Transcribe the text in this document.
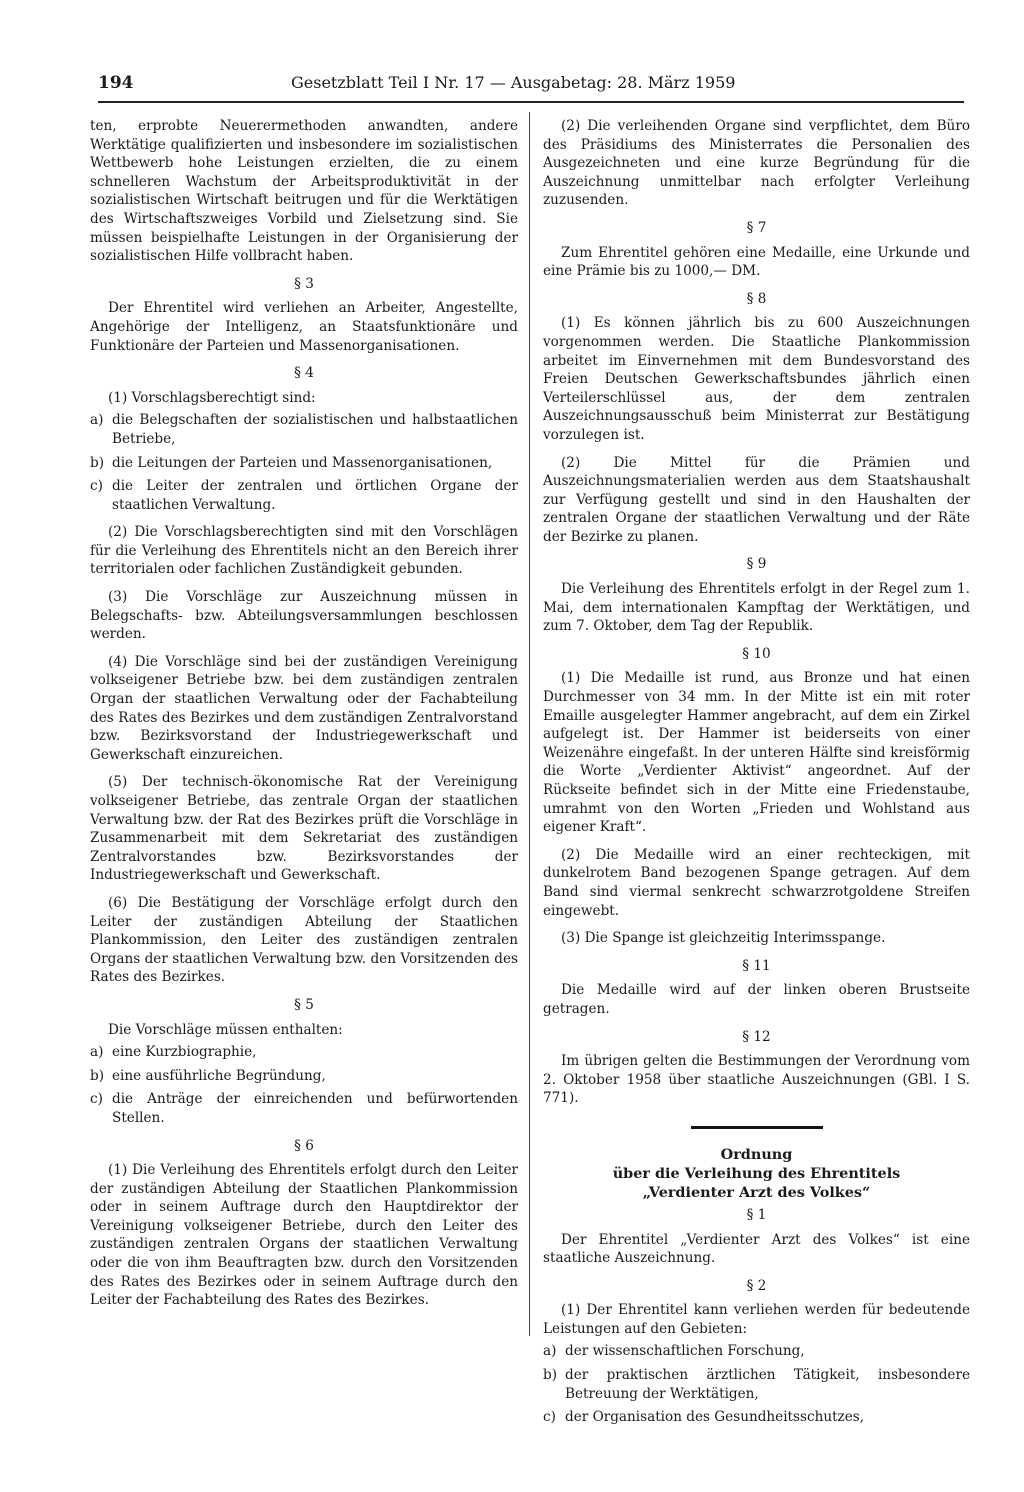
194	Gesetzblatt Teil I Nr. 17 — Ausgabetag: 28. März 1959

ten, erprobte Neuerermethoden anwandten, andere Werktätige qualifizierten und insbesondere im sozialistischen Wettbewerb hohe Leistungen erzielten, die zu einem schnelleren Wachstum der Arbeitsproduktivität in der sozialistischen Wirtschaft beitrugen und für die Werktätigen des Wirtschaftszweiges Vorbild und Zielsetzung sind. Sie müssen beispielhafte Leistungen in der Organisierung der sozialistischen Hilfe vollbracht haben.

§ 3

Der Ehrentitel wird verliehen an Arbeiter, Angestellte, Angehörige der Intelligenz, an Staatsfunktionäre und Funktionäre der Parteien und Massenorganisationen.

§ 4

(1) Vorschlagsberechtigt sind:

a) die Belegschaften der sozialistischen und halbstaatlichen Betriebe,
b) die Leitungen der Parteien und Massenorganisationen,
c) die Leiter der zentralen und örtlichen Organe der staatlichen Verwaltung.

(2) Die Vorschlagsberechtigten sind mit den Vorschlägen für die Verleihung des Ehrentitels nicht an den Bereich ihrer territorialen oder fachlichen Zuständigkeit gebunden.

(3) Die Vorschläge zur Auszeichnung müssen in Belegschafts- bzw. Abteilungsversammlungen beschlossen werden.

(4) Die Vorschläge sind bei der zuständigen Vereinigung volkseigener Betriebe bzw. bei dem zuständigen zentralen Organ der staatlichen Verwaltung oder der Fachabteilung des Rates des Bezirkes und dem zuständigen Zentralvorstand bzw. Bezirksvorstand der Industriegewerkschaft und Gewerkschaft einzureichen.

(5) Der technisch-ökonomische Rat der Vereinigung volkseigener Betriebe, das zentrale Organ der staatlichen Verwaltung bzw. der Rat des Bezirkes prüft die Vorschläge in Zusammenarbeit mit dem Sekretariat des zuständigen Zentralvorstandes bzw. Bezirksvorstandes der Industriegewerkschaft und Gewerkschaft.

(6) Die Bestätigung der Vorschläge erfolgt durch den Leiter der zuständigen Abteilung der Staatlichen Plankommission, den Leiter des zuständigen zentralen Organs der staatlichen Verwaltung bzw. den Vorsitzenden des Rates des Bezirkes.

§ 5

Die Vorschläge müssen enthalten:

a) eine Kurzbiographie,
b) eine ausführliche Begründung,
c) die Anträge der einreichenden und befürwortenden Stellen.
§ 6

(1) Die Verleihung des Ehrentitels erfolgt durch den Leiter der zuständigen Abteilung der Staatlichen Plankommission oder in seinem Auftrage durch den Hauptdirektor der Vereinigung volkseigener Betriebe, durch den Leiter des zuständigen zentralen Organs der staatlichen Verwaltung oder die von ihm Beauftragten bzw. durch den Vorsitzenden des Rates des Bezirkes oder in seinem Auftrage durch den Leiter der Fachabteilung des Rates des Bezirkes.

(2) Die verleihenden Organe sind verpflichtet, dem Büro des Präsidiums des Ministerrates die Personalien des Ausgezeichneten und eine kurze Begründung für die Auszeichnung unmittelbar nach erfolgter Verleihung zuzusenden.

§ 7

Zum Ehrentitel gehören eine Medaille, eine Urkunde und eine Prämie bis zu 1000,— DM.

§ 8

(1) Es können jährlich bis zu 600 Auszeichnungen vorgenommen werden. Die Staatliche Plankommission arbeitet im Einvernehmen mit dem Bundesvorstand des Freien Deutschen Gewerkschaftsbundes jährlich einen Verteilerschlüssel aus, der dem zentralen Auszeichnungsausschuß beim Ministerrat zur Bestätigung vorzulegen ist.

(2) Die Mittel für die Prämien und Auszeichnungsmaterialien werden aus dem Staatshaushalt zur Verfügung gestellt und sind in den Haushalten der zentralen Organe der staatlichen Verwaltung und der Räte der Bezirke zu planen.

§ 9

Die Verleihung des Ehrentitels erfolgt in der Regel zum 1. Mai, dem internationalen Kampftag der Werktätigen, und zum 7. Oktober, dem Tag der Republik.

§ 10

(1) Die Medaille ist rund, aus Bronze und hat einen Durchmesser von 34 mm. In der Mitte ist ein mit roter Emaille ausgelegter Hammer angebracht, auf dem ein Zirkel aufgelegt ist. Der Hammer ist beiderseits von einer Weizenähre eingefaßt. In der unteren Hälfte sind kreisförmig die Worte „Verdienter Aktivist“ angeordnet. Auf der Rückseite befindet sich in der Mitte eine Friedenstaube, umrahmt von den Worten „Frieden und Wohlstand aus eigener Kraft“.

(2) Die Medaille wird an einer rechteckigen, mit dunkelrotem Band bezogenen Spange getragen. Auf dem Band sind viermal senkrecht schwarzrotgoldene Streifen eingewebt.

(3) Die Spange ist gleichzeitig Interimsspange.

§ 11

Die Medaille wird auf der linken oberen Brustseite getragen.

§ 12

Im übrigen gelten die Bestimmungen der Verordnung vom 2. Oktober 1958 über staatliche Auszeichnungen (GBl. I S. 771).

Ordnung

über die Verleihung des Ehrentitels

„Verdienter Arzt des Volkes“

§ 1

Der Ehrentitel „Verdienter Arzt des Volkes“ ist eine staatliche Auszeichnung.

§ 2

(1) Der Ehrentitel kann verliehen werden für bedeutende Leistungen auf den Gebieten:

a) der wissenschaftlichen Forschung,
b) der praktischen ärztlichen Tätigkeit, insbesondere Betreuung der Werktätigen,
c) der Organisation des Gesundheitsschutzes,
